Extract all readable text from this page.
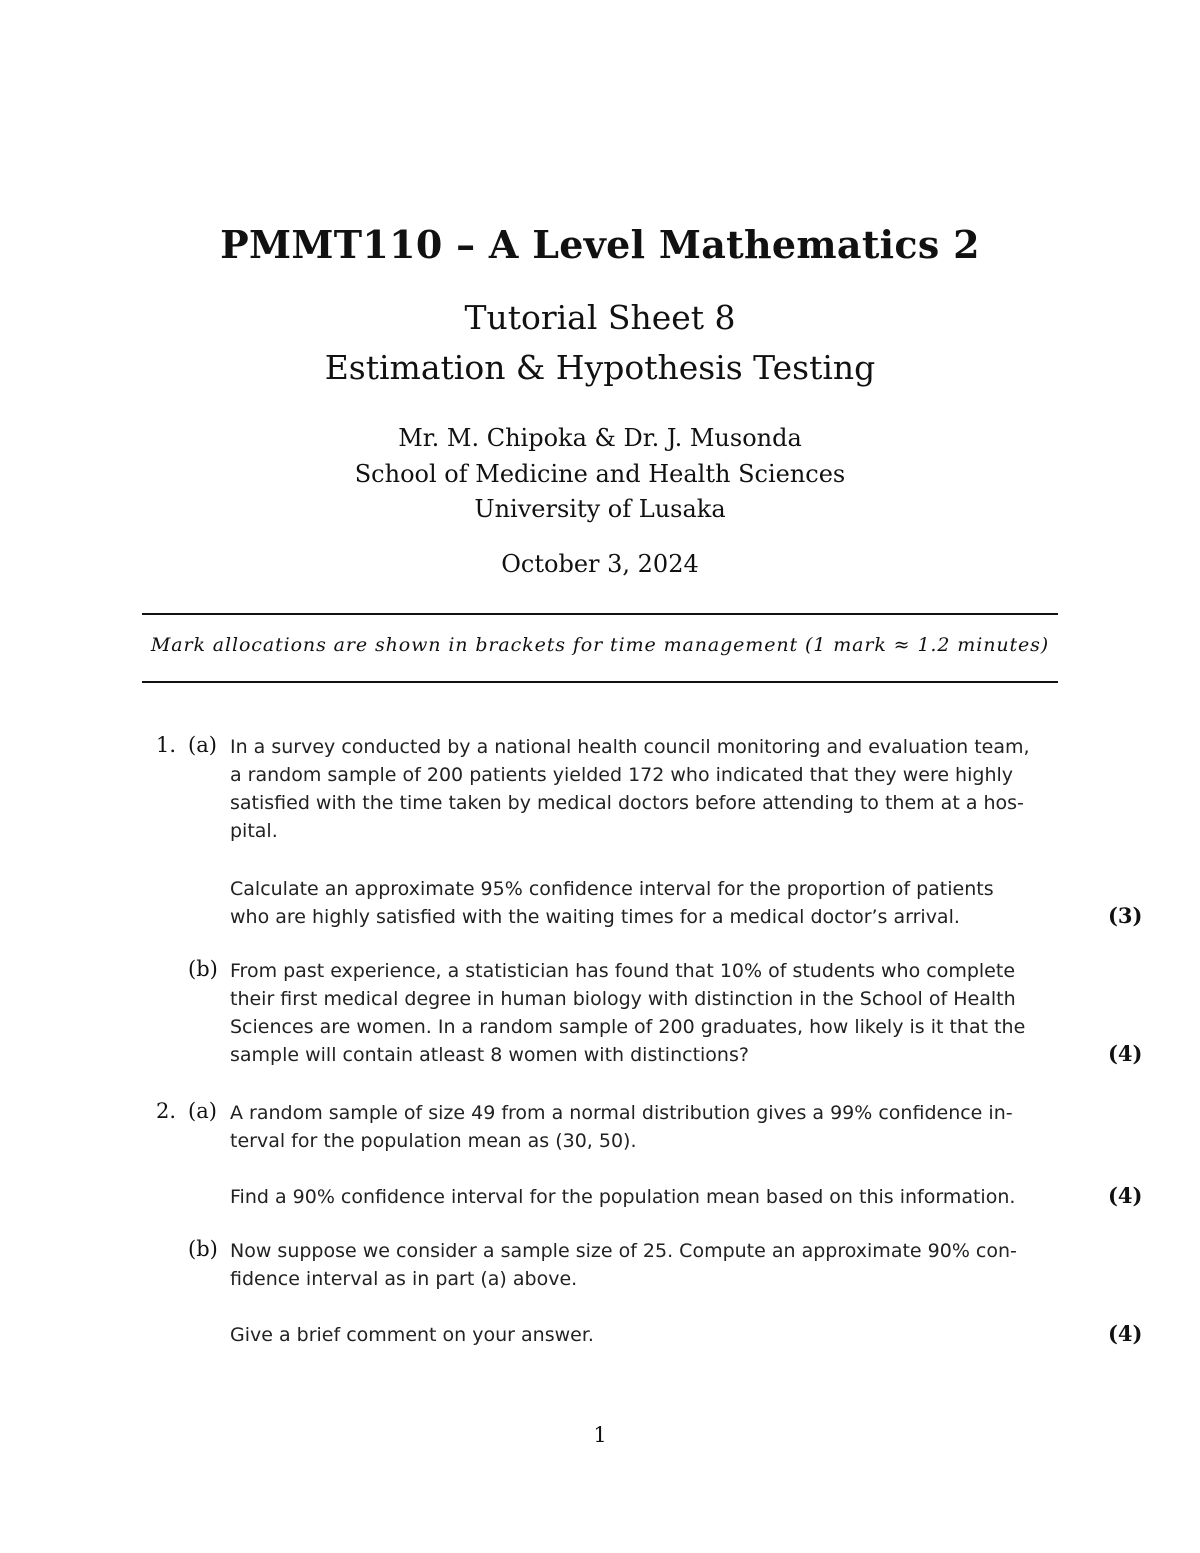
PMMT110 – A Level Mathematics 2
Tutorial Sheet 8
Estimation & Hypothesis Testing
Mr. M. Chipoka & Dr. J. Musonda
School of Medicine and Health Sciences
University of Lusaka
October 3, 2024
Mark allocations are shown in brackets for time management (1 mark ≈ 1.2 minutes)
1. (a) In a survey conducted by a national health council monitoring and evaluation team,
a random sample of 200 patients yielded 172 who indicated that they were highly
satisfied with the time taken by medical doctors before attending to them at a hos-
pital.
Calculate an approximate 95% confidence interval for the proportion of patients
who are highly satisfied with the waiting times for a medical doctor’s arrival.	(3)
(b) From past experience, a statistician has found that 10% of students who complete
their first medical degree in human biology with distinction in the School of Health
Sciences are women. In a random sample of 200 graduates, how likely is it that the
sample will contain atleast 8 women with distinctions?	(4)
2. (a) A random sample of size 49 from a normal distribution gives a 99% confidence in-
terval for the population mean as (30, 50).
Find a 90% confidence interval for the population mean based on this information.	(4)
(b) Now suppose we consider a sample size of 25. Compute an approximate 90% con-
fidence interval as in part (a) above.
Give a brief comment on your answer.	(4)
1
